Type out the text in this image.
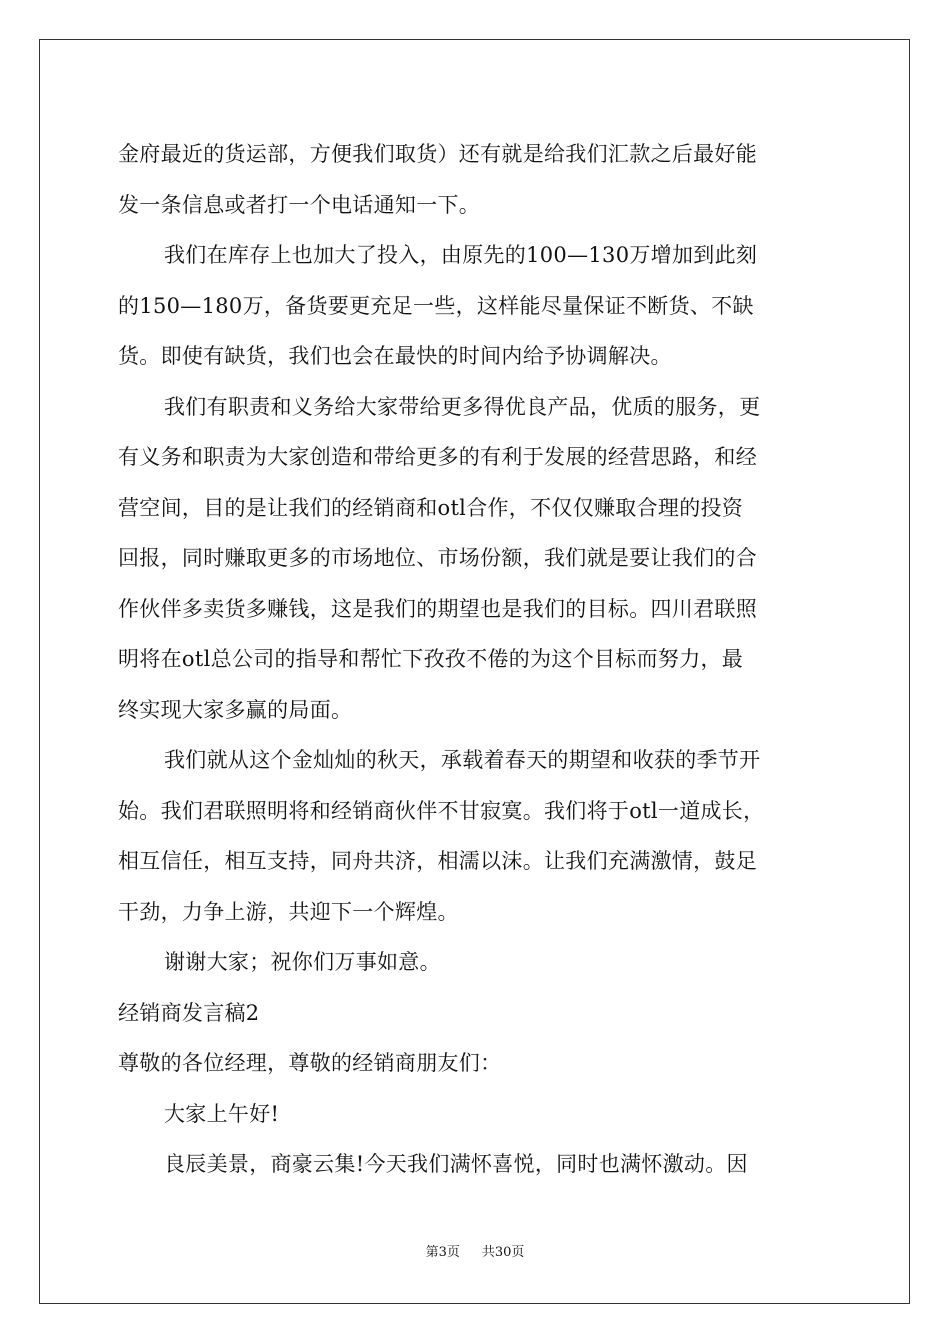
金府最近的货运部，方便我们取货）还有就是给我们汇款之后最好能
发一条信息或者打一个电话通知一下。
我们在库存上也加大了投入，由原先的100—130万增加到此刻
的150—180万，备货要更充足一些，这样能尽量保证不断货、不缺
货。即使有缺货，我们也会在最快的时间内给予协调解决。
我们有职责和义务给大家带给更多得优良产品，优质的服务，更
有义务和职责为大家创造和带给更多的有利于发展的经营思路，和经
营空间，目的是让我们的经销商和otl合作，不仅仅赚取合理的投资
回报，同时赚取更多的市场地位、市场份额，我们就是要让我们的合
作伙伴多卖货多赚钱，这是我们的期望也是我们的目标。四川君联照
明将在otl总公司的指导和帮忙下孜孜不倦的为这个目标而努力，最
终实现大家多赢的局面。
我们就从这个金灿灿的秋天，承载着春天的期望和收获的季节开
始。我们君联照明将和经销商伙伴不甘寂寞。我们将于otl一道成长，
相互信任，相互支持，同舟共济，相濡以沫。让我们充满激情，鼓足
干劲，力争上游，共迎下一个辉煌。
谢谢大家；祝你们万事如意。
经销商发言稿2
尊敬的各位经理，尊敬的经销商朋友们：
大家上午好!
良辰美景，商豪云集!今天我们满怀喜悦，同时也满怀激动。因
第3页 共30页
